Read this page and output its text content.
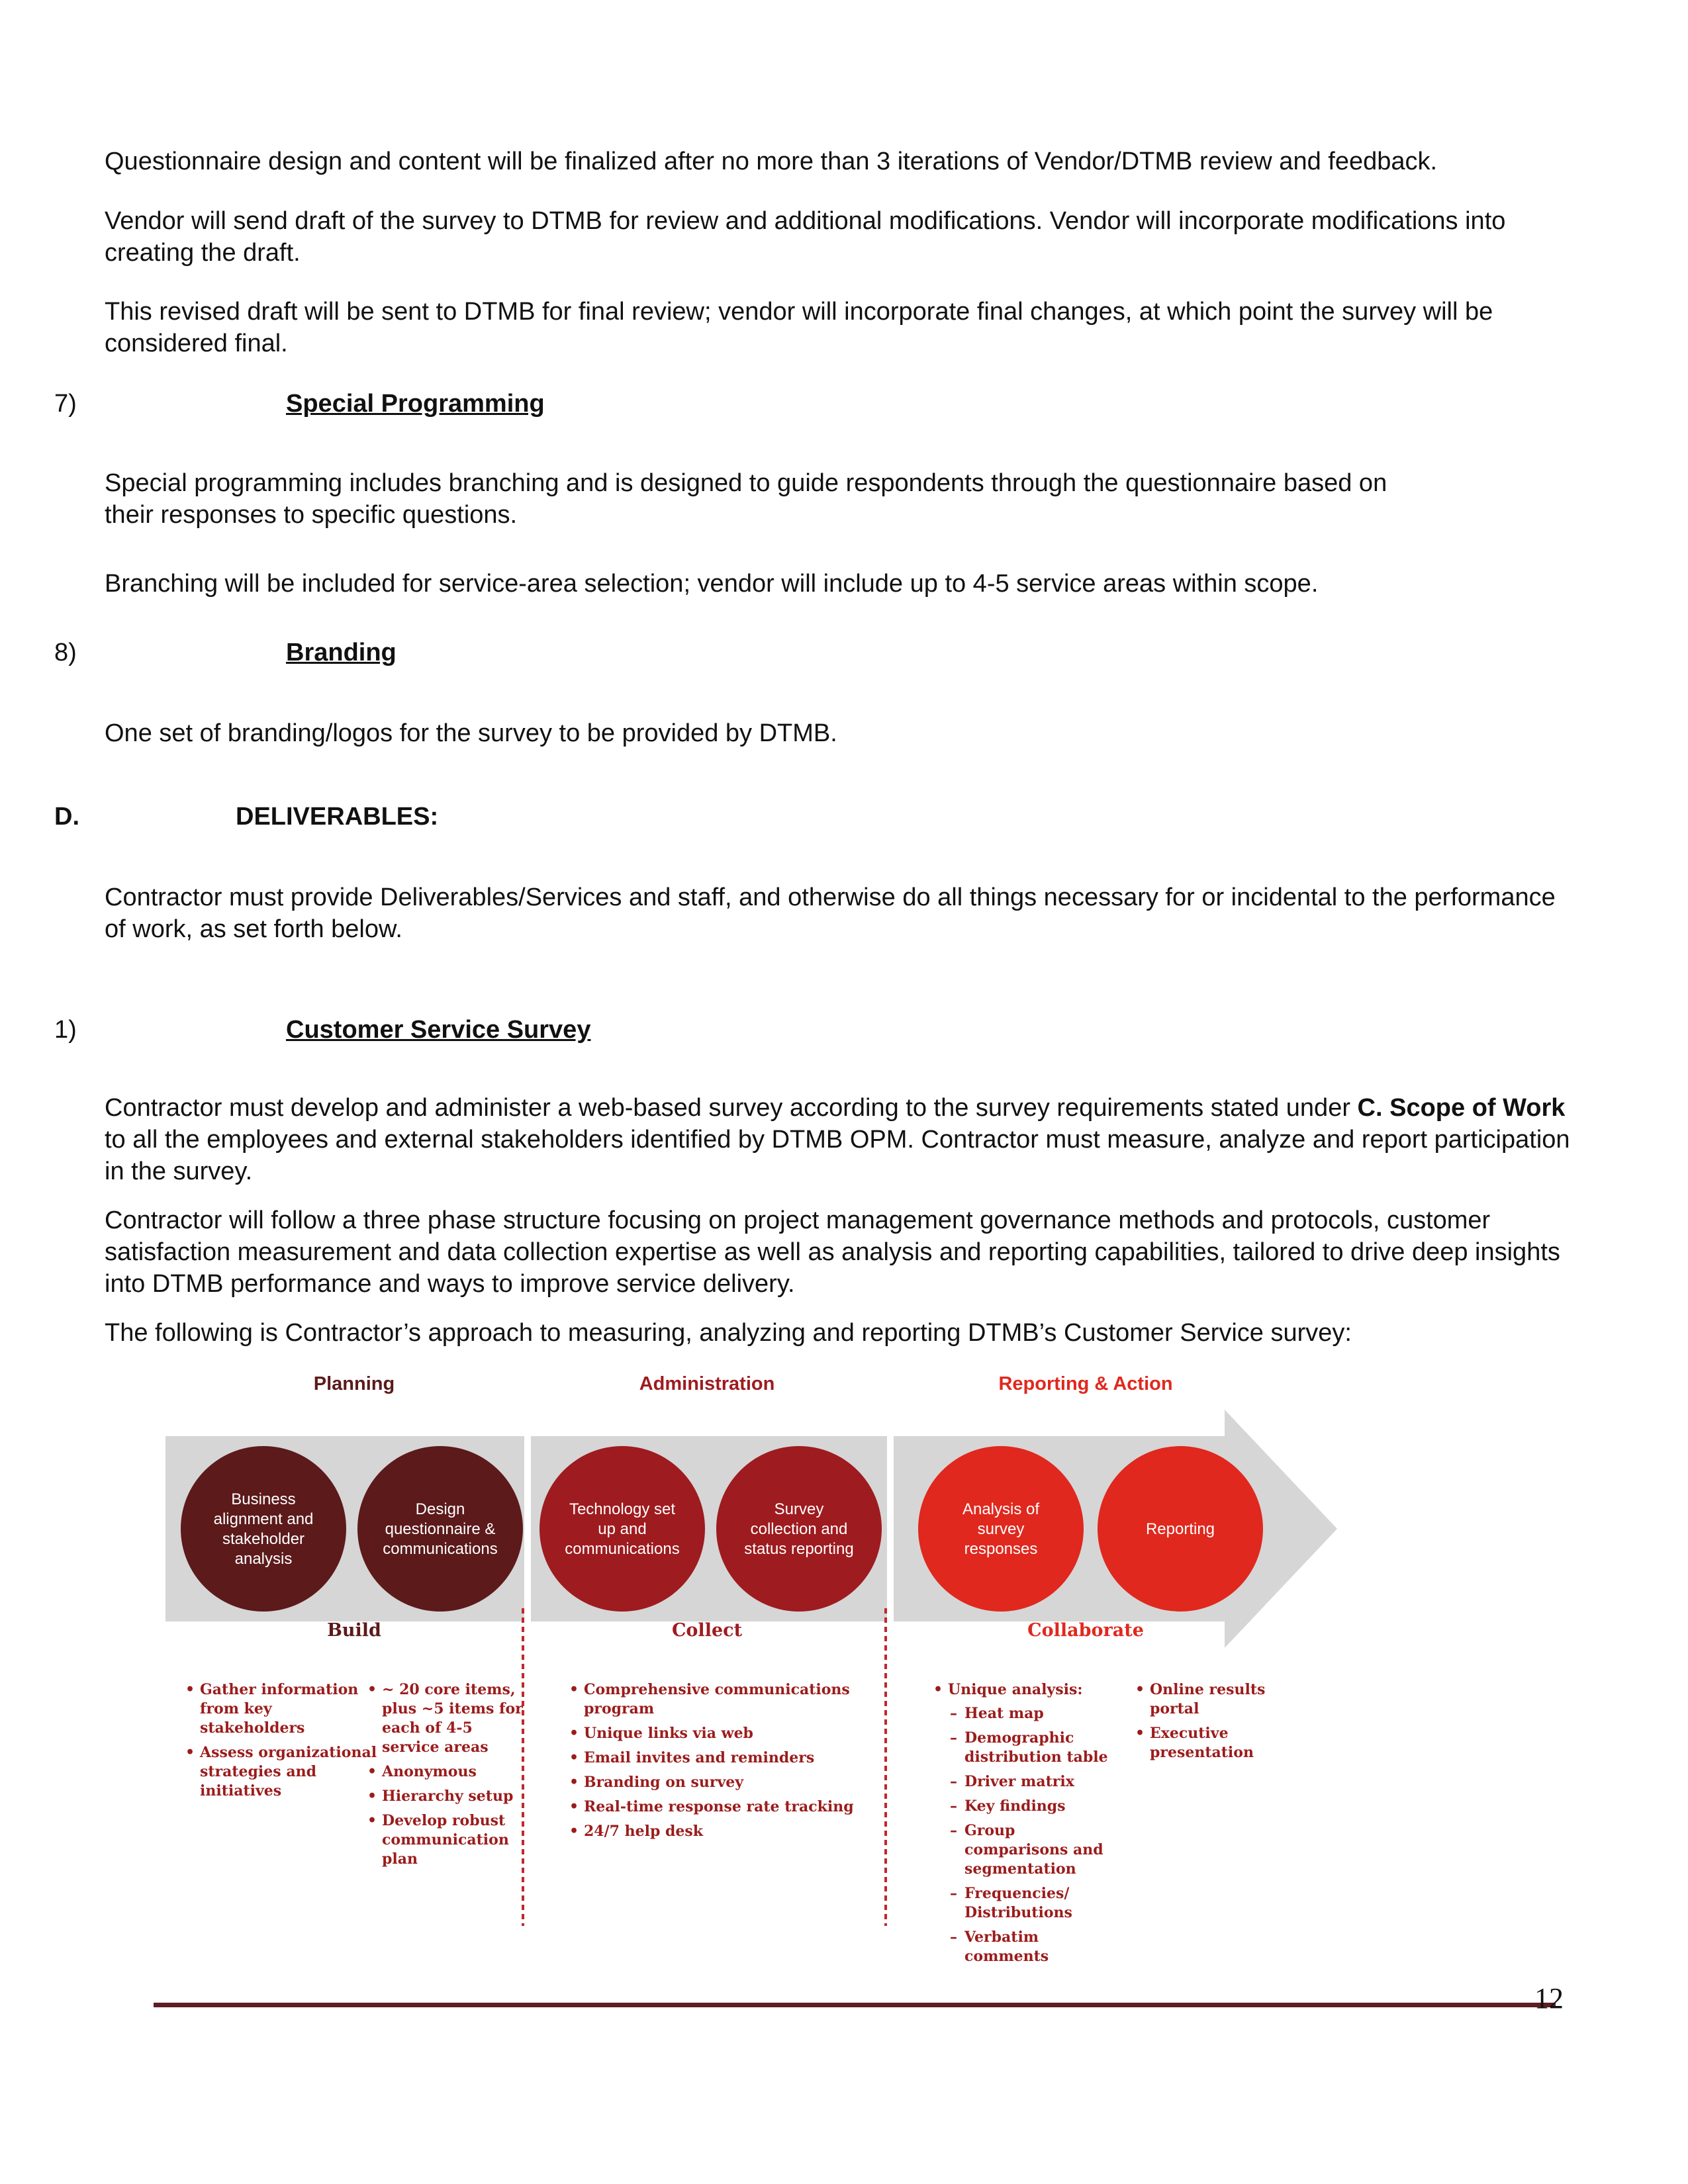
Questionnaire design and content will be finalized after no more than 3 iterations of Vendor/DTMB review and feedback.

Vendor will send draft of the survey to DTMB for review and additional modifications. Vendor will incorporate modifications into creating the draft.

This revised draft will be sent to DTMB for final review; vendor will incorporate final changes, at which point the survey will be considered final.

7)	Special Programming

Special programming includes branching and is designed to guide respondents through the questionnaire based on their responses to specific questions.

Branching will be included for service-area selection; vendor will include up to 4-5 service areas within scope.

8)	Branding

One set of branding/logos for the survey to be provided by DTMB.

D.	DELIVERABLES:

Contractor must provide Deliverables/Services and staff, and otherwise do all things necessary for or incidental to the performance of work, as set forth below.

1)	Customer Service Survey

Contractor must develop and administer a web-based survey according to the survey requirements stated under C. Scope of Work to all the employees and external stakeholders identified by DTMB OPM. Contractor must measure, analyze and report participation in the survey.

Contractor will follow a three phase structure focusing on project management governance methods and protocols, customer satisfaction measurement and data collection expertise as well as analysis and reporting capabilities, tailored to drive deep insights into DTMB performance and ways to improve service delivery.

The following is Contractor’s approach to measuring, analyzing and reporting DTMB’s Customer Service survey:

Planning	Administration	Reporting & Action
Business
alignment and
stakeholder
analysis
Design
questionnaire &
communications
Technology set
up and
communications
Survey
collection and
status reporting
Analysis of
survey
responses
Reporting
Build	Collect	Collaborate
• Gather information
from key
stakeholders
• Assess organizational
strategies and
initiatives
• ~ 20 core items,
plus ~5 items for
each of 4-5
service areas
• Anonymous
• Hierarchy setup
• Develop robust
communication
plan
• Comprehensive communications
program
• Unique links via web
• Email invites and reminders
• Branding on survey
• Real-time response rate tracking
• 24/7 help desk
• Unique analysis:
– Heat map
– Demographic
distribution table
– Driver matrix
– Key findings
– Group
comparisons and
segmentation
– Frequencies/
Distributions
– Verbatim
comments
• Online results
portal
• Executive
presentation
12
